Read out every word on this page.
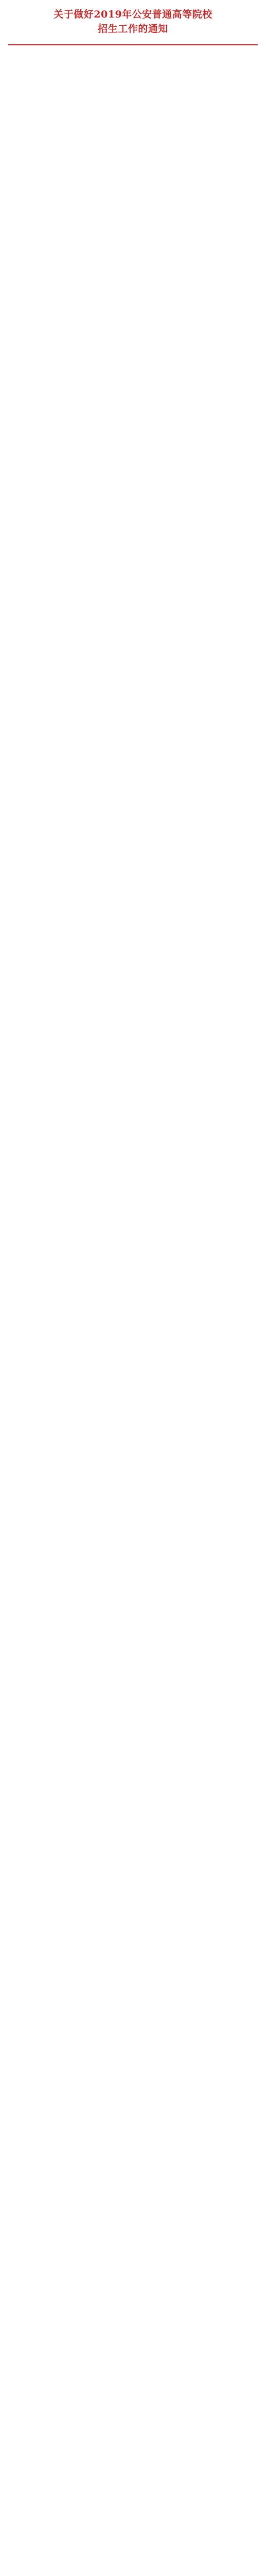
关于做好2019年公安普通高等院校
招生工作的通知
